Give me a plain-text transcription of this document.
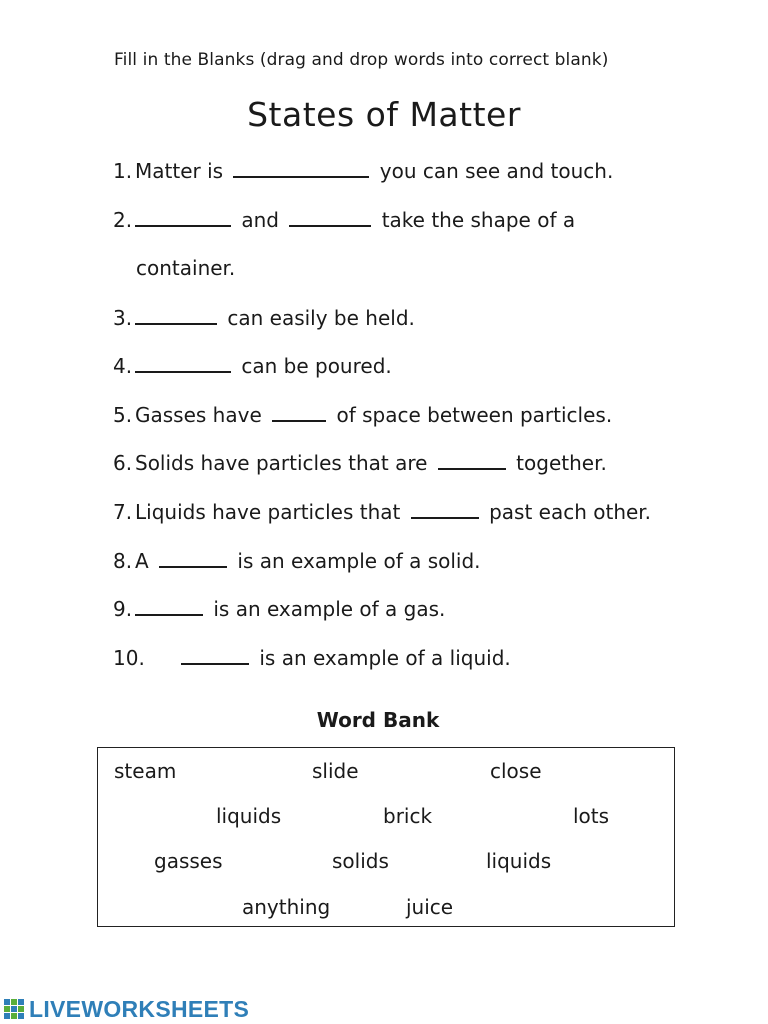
Fill in the Blanks (drag and drop words into correct blank)
States of Matter
1. Matter is	you can see and touch.
2.	and	take the shape of a
container.
3.	can easily be held.
4.	can be poured.
5. Gasses have	of space between particles.
6. Solids have particles that are	together.
7. Liquids have particles that	past each other.
8. A	is an example of a solid.
9.	is an example of a gas.
10.	is an example of a liquid.
Word Bank
steam	slide	close
liquids	brick	lots
gasses	solids	liquids
anything	juice
LIVEWORKSHEETS
